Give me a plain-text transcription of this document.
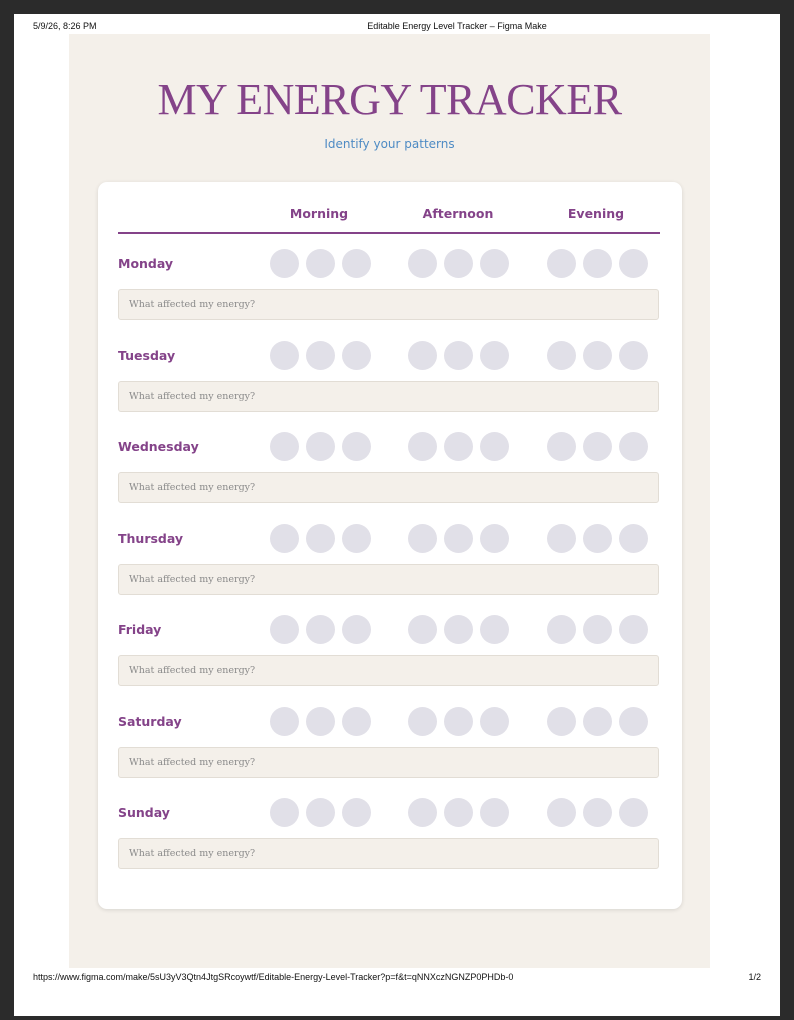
5/9/26, 8:26 PM	Editable Energy Level Tracker – Figma Make
MY ENERGY TRACKER
Identify your patterns
Morning	Afternoon	Evening
Monday
What affected my energy?
Tuesday
What affected my energy?
Wednesday
What affected my energy?
Thursday
What affected my energy?
Friday
What affected my energy?
Saturday
What affected my energy?
Sunday
What affected my energy?
https://www.figma.com/make/5sU3yV3Qtn4JtgSRcoywtf/Editable-Energy-Level-Tracker?p=f&t=qNNXczNGNZP0PHDb-0	1/2
